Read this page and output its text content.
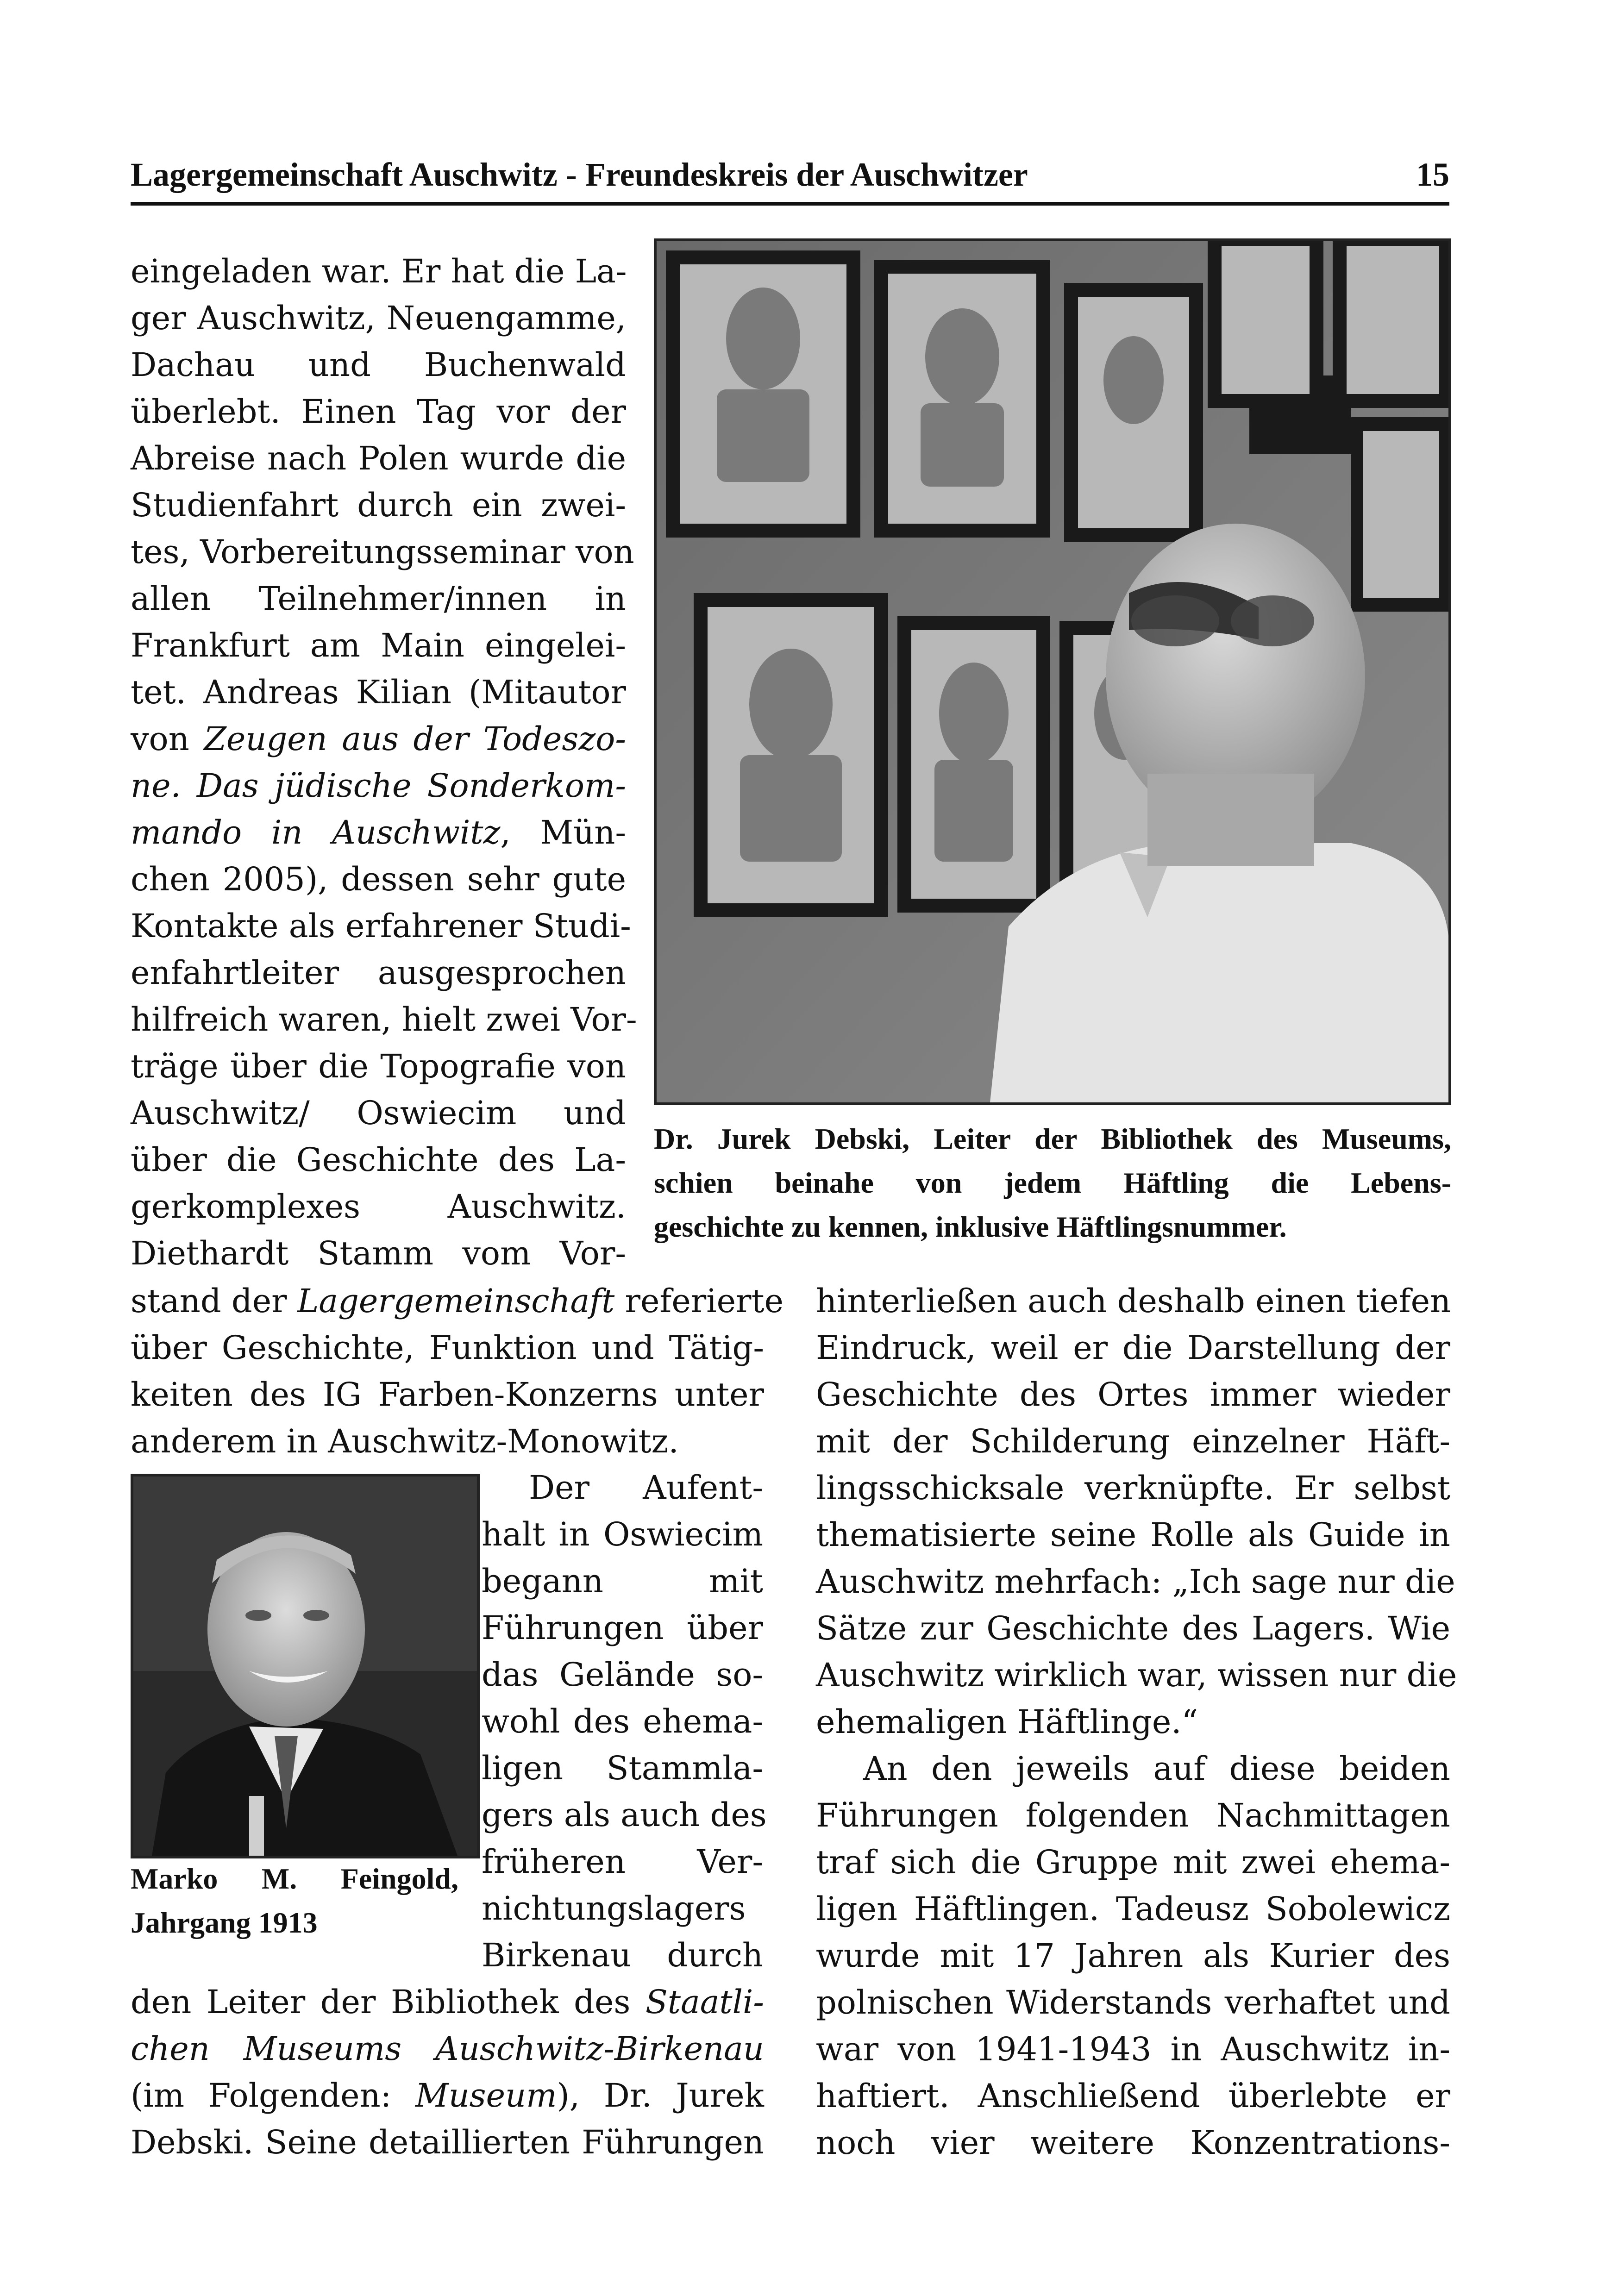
Lagergemeinschaft Auschwitz - Freundeskreis der Auschwitzer	15
Dr. Jurek Debski, Leiter der Bibliothek des Museums,
schien beinahe von jedem Häftling die Lebens-
geschichte zu kennen, inklusive Häftlingsnummer.
eingeladen war. Er hat die La-
ger Auschwitz, Neuengamme,
Dachau und Buchenwald
überlebt. Einen Tag vor der
Abreise nach Polen wurde die
Studienfahrt durch ein zwei-
tes, Vorbereitungsseminar von
allen Teilnehmer/innen in
Frankfurt am Main eingelei-
tet. Andreas Kilian (Mitautor
von Zeugen aus der Todeszo-
ne. Das jüdische Sonderkom-
mando in Auschwitz, Mün-
chen 2005), dessen sehr gute
Kontakte als erfahrener Studi-
enfahrtleiter ausgesprochen
hilfreich waren, hielt zwei Vor-
träge über die Topografie von
Auschwitz/ Oswiecim und
über die Geschichte des La-
gerkomplexes Auschwitz.
Diethardt Stamm vom Vor-
stand der Lagergemeinschaft referierte
über Geschichte, Funktion und Tätig-
keiten des IG Farben-Konzerns unter
anderem in Auschwitz-Monowitz.
Marko M. Feingold,
Jahrgang 1913
Der Aufent-
halt in Oswiecim
begann mit
Führungen über
das Gelände so-
wohl des ehema-
ligen Stammla-
gers als auch des
früheren Ver-
nichtungslagers
Birkenau durch
den Leiter der Bibliothek des Staatli-
chen Museums Auschwitz-Birkenau
(im Folgenden: Museum), Dr. Jurek
Debski. Seine detaillierten Führungen
hinterließen auch deshalb einen tiefen
Eindruck, weil er die Darstellung der
Geschichte des Ortes immer wieder
mit der Schilderung einzelner Häft-
lingsschicksale verknüpfte. Er selbst
thematisierte seine Rolle als Guide in
Auschwitz mehrfach: „Ich sage nur die
Sätze zur Geschichte des Lagers. Wie
Auschwitz wirklich war, wissen nur die
ehemaligen Häftlinge.“
An den jeweils auf diese beiden
Führungen folgenden Nachmittagen
traf sich die Gruppe mit zwei ehema-
ligen Häftlingen. Tadeusz Sobolewicz
wurde mit 17 Jahren als Kurier des
polnischen Widerstands verhaftet und
war von 1941-1943 in Auschwitz in-
haftiert. Anschließend überlebte er
noch vier weitere Konzentrations-
